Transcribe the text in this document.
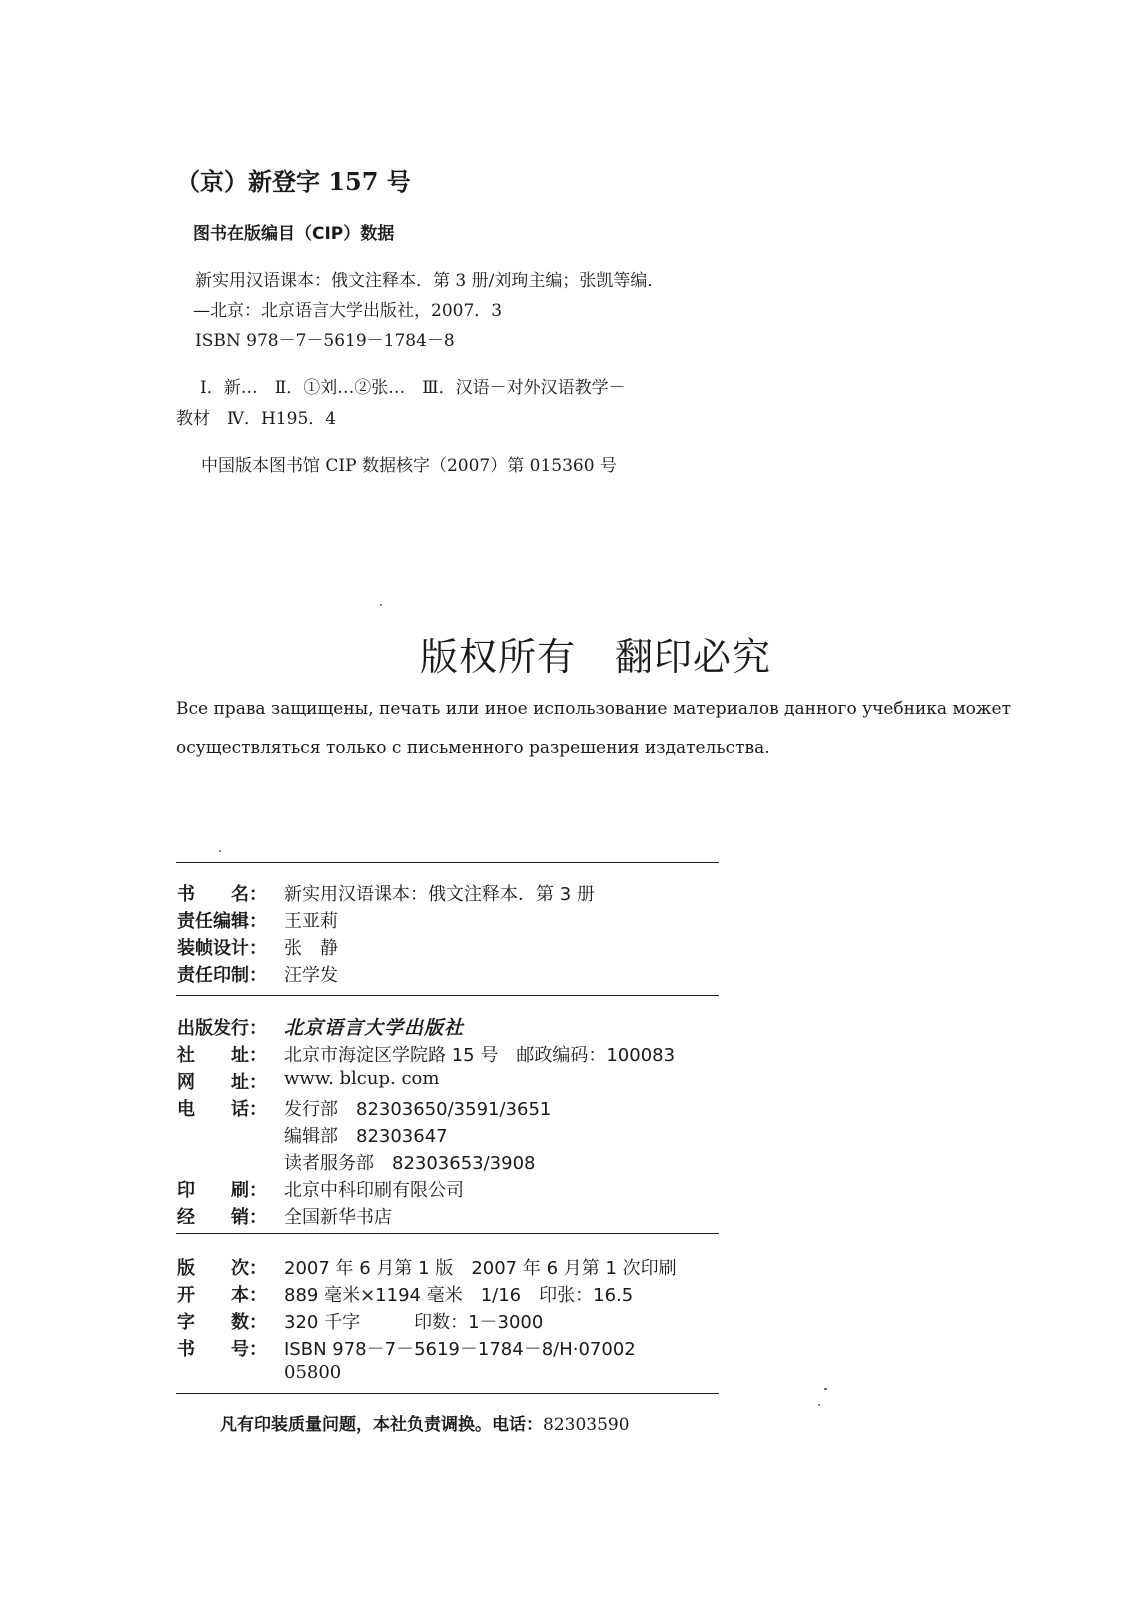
（京）新登字 157 号
图书在版编目（CIP）数据
新实用汉语课本：俄文注释本．第 3 册/刘珣主编；张凯等编．
—北京：北京语言大学出版社，2007．3
ISBN 978－7－5619－1784－8
Ⅰ．新…　Ⅱ．①刘…②张…　Ⅲ．汉语－对外汉语教学－
教材　Ⅳ．H195．4
中国版本图书馆 CIP 数据核字（2007）第 015360 号
版权所有　翻印必究
Все права защищены, печать или иное использование материалов данного учебника может
осуществляться только с письменного разрешения издательства.
书　　名： 新实用汉语课本：俄文注释本．第 3 册
责任编辑： 王亚莉
装帧设计： 张　静
责任印制： 汪学发
出版发行： 北京语言大学出版社
社　　址： 北京市海淀区学院路 15 号　邮政编码：100083
网　　址： www. blcup. com
电　　话： 发行部　82303650/3591/3651
编辑部　82303647
读者服务部　82303653/3908
印　　刷： 北京中科印刷有限公司
经　　销： 全国新华书店
版　　次： 2007 年 6 月第 1 版　2007 年 6 月第 1 次印刷
开　　本： 889 毫米×1194 毫米　1/16　印张：16.5
字　　数： 320 千字　　　印数：1－3000
书　　号： ISBN 978－7－5619－1784－8/H·07002
05800
凡有印装质量问题，本社负责调换。电话：82303590
